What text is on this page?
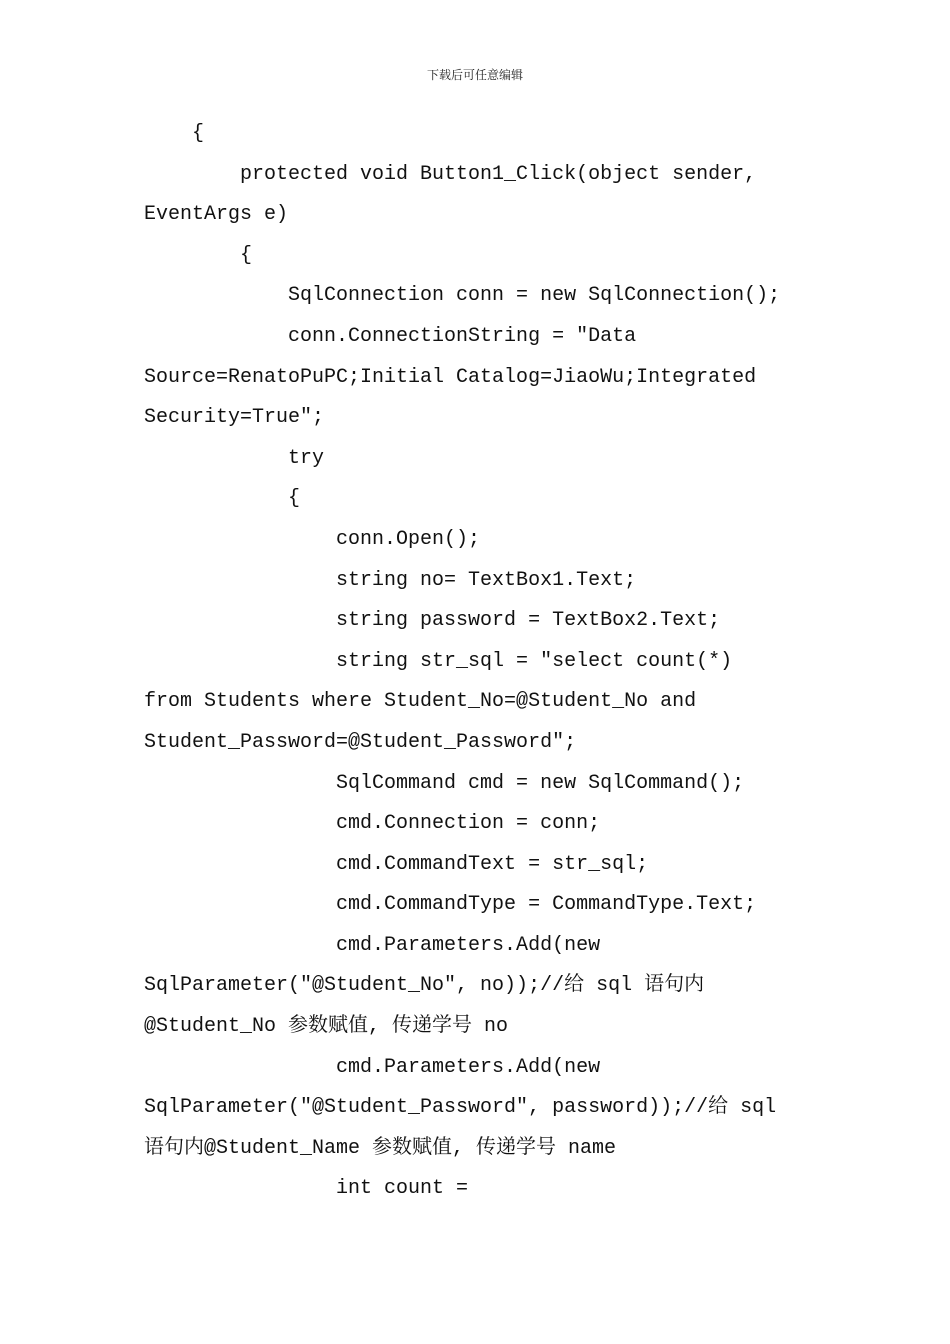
下载后可任意编辑
{
protected void Button1_Click(object sender,
EventArgs e)
{
SqlConnection conn = new SqlConnection();
conn.ConnectionString = "Data
Source=RenatoPuPC;Initial Catalog=JiaoWu;Integrated
Security=True";
try
{
conn.Open();
string no= TextBox1.Text;
string password = TextBox2.Text;
string str_sql = "select count(*)
from Students where Student_No=@Student_No and
Student_Password=@Student_Password";
SqlCommand cmd = new SqlCommand();
cmd.Connection = conn;
cmd.CommandText = str_sql;
cmd.CommandType = CommandType.Text;
cmd.Parameters.Add(new
SqlParameter("@Student_No", no));//给 sql 语句内
@Student_No 参数赋值, 传递学号 no
cmd.Parameters.Add(new
SqlParameter("@Student_Password", password));//给 sql
语句内@Student_Name 参数赋值, 传递学号 name
int count =
